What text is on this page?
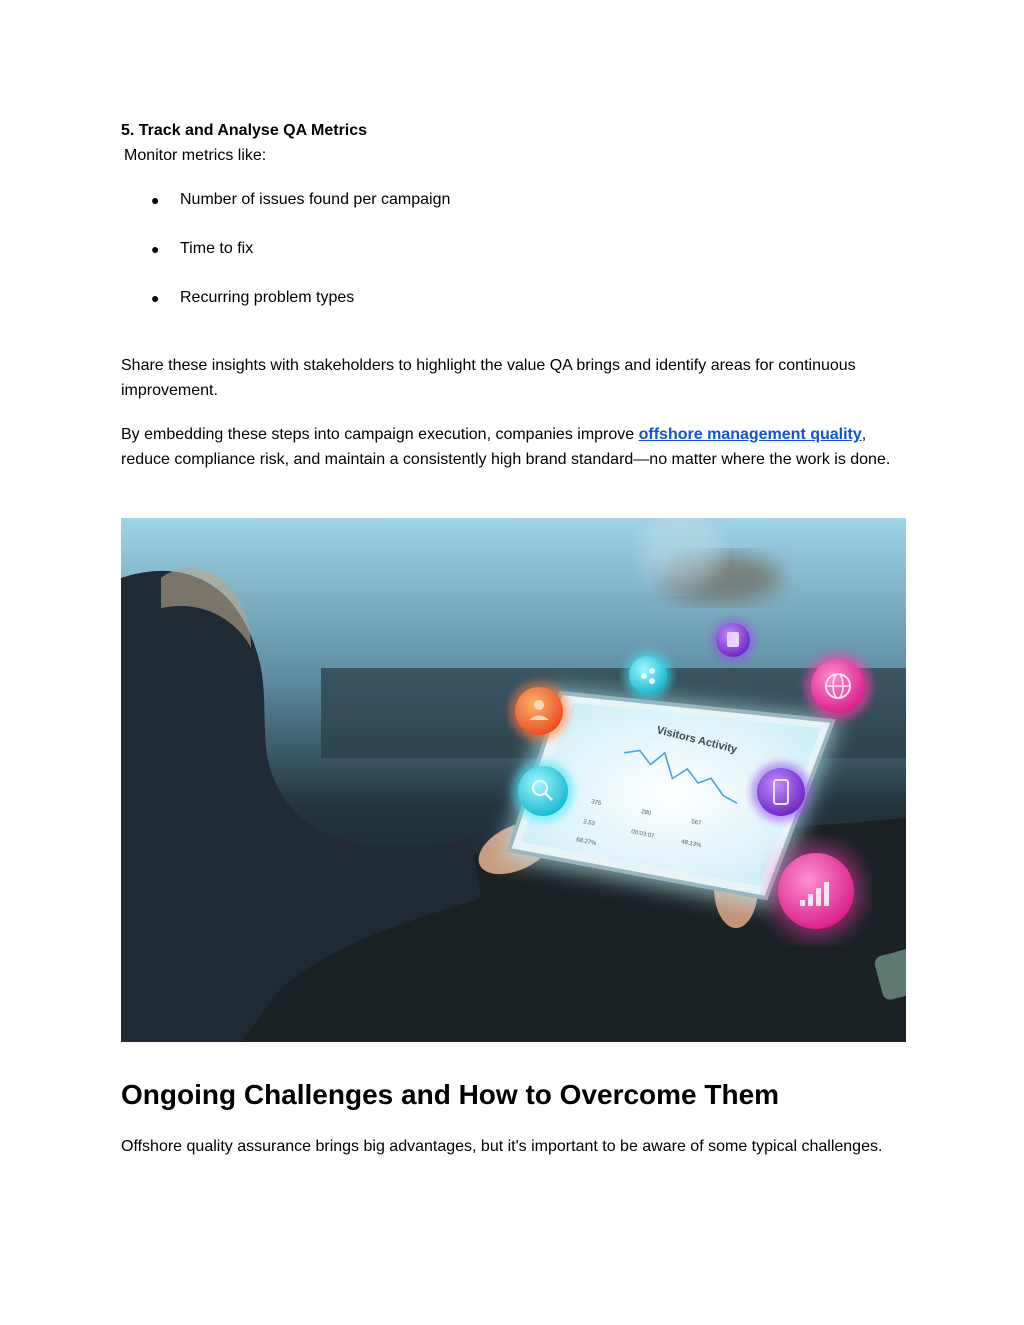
5. Track and Analyse QA Metrics
Monitor metrics like:
● Number of issues found per campaign
● Time to fix
● Recurring problem types

Share these insights with stakeholders to highlight the value QA brings and identify areas for continuous improvement.

By embedding these steps into campaign execution, companies improve offshore management quality, reduce compliance risk, and maintain a consistently high brand standard—no matter where the work is done.

Visitors Activity
375
280
567
2.53
00:03:07
48.13%
68.27%
Ongoing Challenges and How to Overcome Them

Offshore quality assurance brings big advantages, but it's important to be aware of some typical challenges.
